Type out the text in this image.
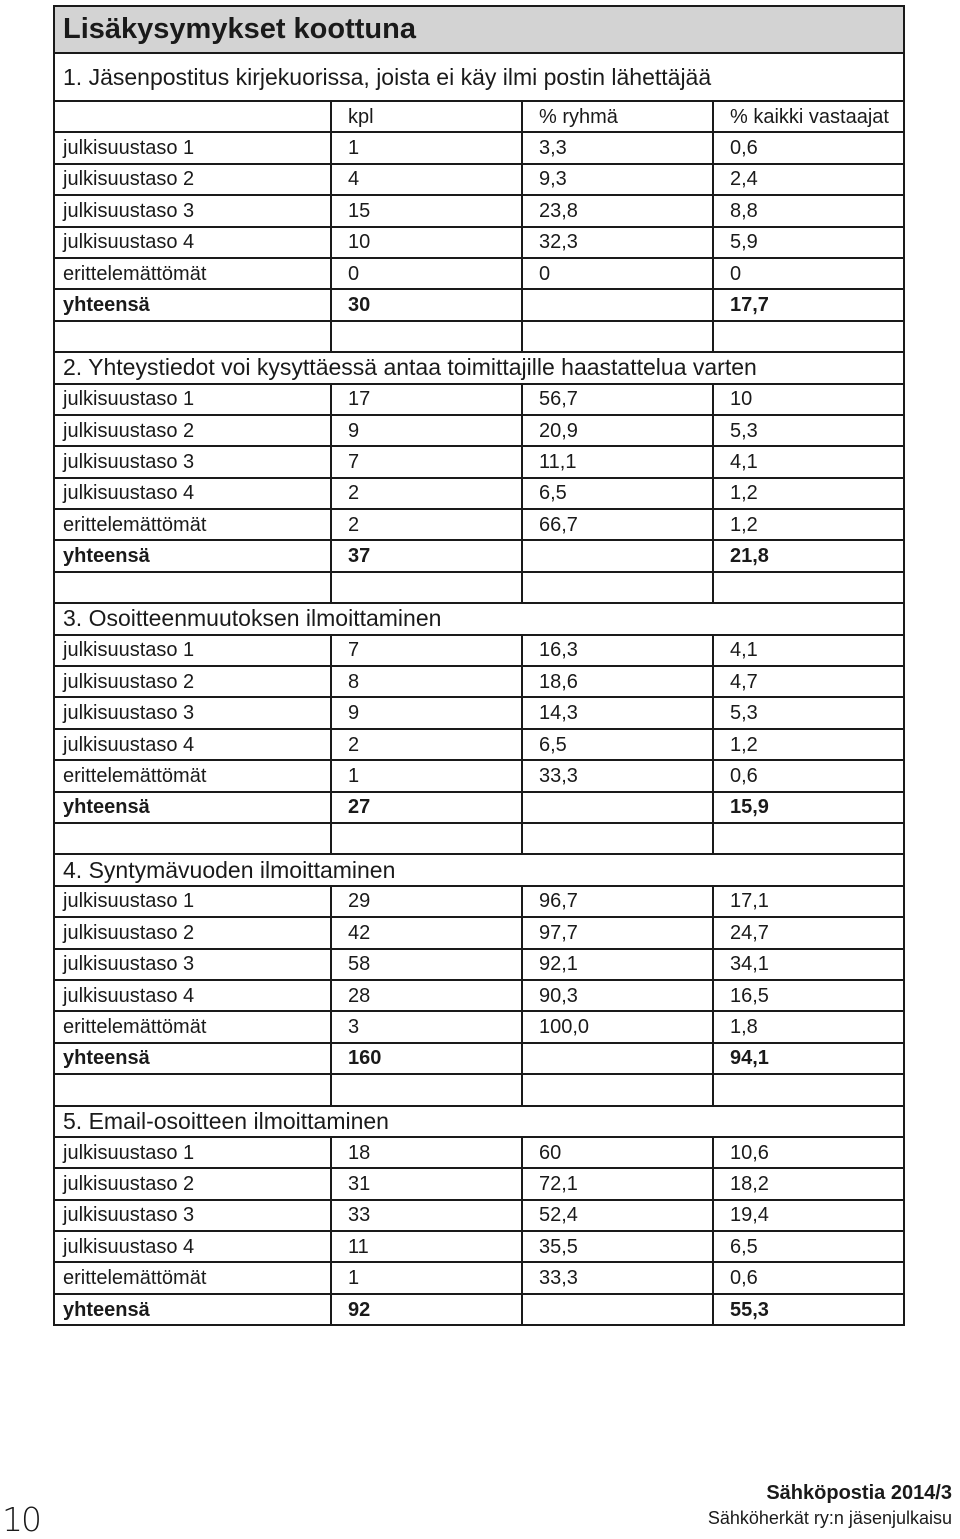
Lisäkysymykset koottuna			
1. Jäsenpostitus kirjekuorissa, joista ei käy ilmi postin lähettäjää			
	kpl	% ryhmä	% kaikki vastaajat
julkisuustaso 1	1	3,3	0,6
julkisuustaso 2	4	9,3	2,4
julkisuustaso 3	15	23,8	8,8
julkisuustaso 4	10	32,3	5,9
erittelemättömät	0	0	0
yhteensä	30		17,7

2. Yhteystiedot voi kysyttäessä antaa toimittajille haastattelua varten			
julkisuustaso 1	17	56,7	10
julkisuustaso 2	9	20,9	5,3
julkisuustaso 3	7	11,1	4,1
julkisuustaso 4	2	6,5	1,2
erittelemättömät	2	66,7	1,2
yhteensä	37		21,8

3. Osoitteenmuutoksen ilmoittaminen			
julkisuustaso 1	7	16,3	4,1
julkisuustaso 2	8	18,6	4,7
julkisuustaso 3	9	14,3	5,3
julkisuustaso 4	2	6,5	1,2
erittelemättömät	1	33,3	0,6
yhteensä	27		15,9

4. Syntymävuoden ilmoittaminen			
julkisuustaso 1	29	96,7	17,1
julkisuustaso 2	42	97,7	24,7
julkisuustaso 3	58	92,1	34,1
julkisuustaso 4	28	90,3	16,5
erittelemättömät	3	100,0	1,8
yhteensä	160		94,1

5. Email-osoitteen ilmoittaminen			
julkisuustaso 1	18	60	10,6
julkisuustaso 2	31	72,1	18,2
julkisuustaso 3	33	52,4	19,4
julkisuustaso 4	11	35,5	6,5
erittelemättömät	1	33,3	0,6
yhteensä	92		55,3
10
Sähköpostia 2014/3
Sähköherkät ry:n jäsenjulkaisu
